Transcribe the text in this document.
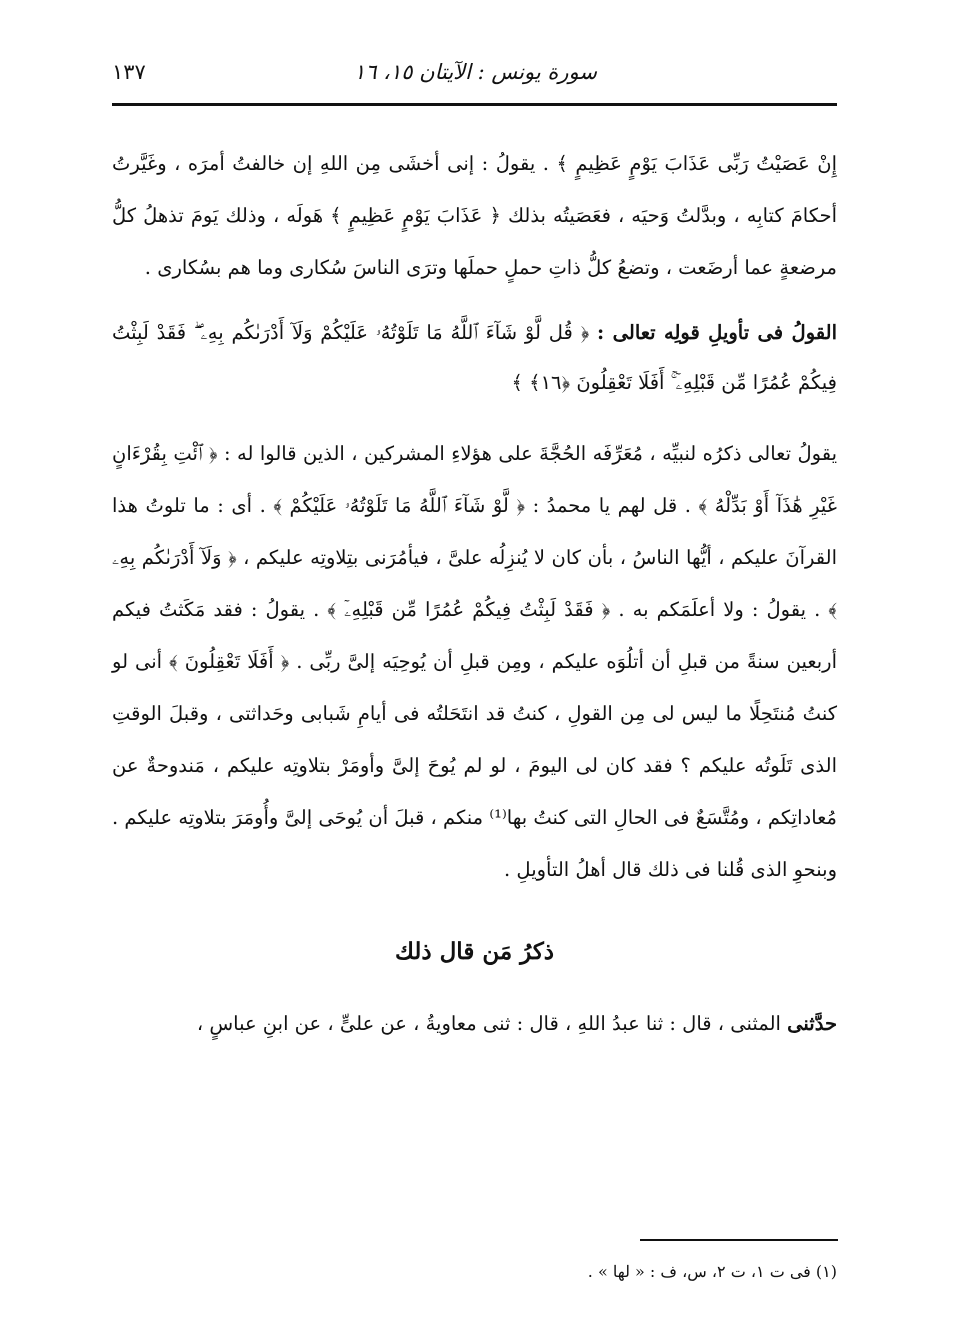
سورة يونس : الآيتان ١٥، ١٦
١٣٧

إِنْ عَصَيْتُ رَبِّى عَذَابَ يَوْمٍ عَظِيمٍ ﴾ . يقولُ : إنى أخشَى مِن اللهِ إن خالفتُ أمرَه ، وغَيَّرتُ أحكامَ كتابِه ، وبدَّلتُ وَحيَه ، فعَصَيتُه بذلك ﴿ عَذَابَ يَوْمٍ عَظِيمٍ ﴾ هَولَه ، وذلك يَومَ تذهلُ كلُّ مرضعةٍ عما أرضَعت ، وتضعُ كلُّ ذاتِ حملٍ حملَها وترَى الناسَ سُكارى وما هم بسُكارى .

القولُ فى تأويلِ قولِه تعالى : ﴿ قُل لَّوْ شَآءَ ٱللَّهُ مَا تَلَوْتُهُۥ عَلَيْكُمْ وَلَآ أَدْرَىٰكُم بِهِۦ ۖ فَقَدْ لَبِثْتُ فِيكُمْ عُمُرًا مِّن قَبْلِهِۦٓ ۚ أَفَلَا تَعْقِلُونَ ﴿١٦﴾ ﴾

يقولُ تعالى ذكرُه لنبيِّه ، مُعَرِّفَه الحُجَّةَ على هؤلاءِ المشركين ، الذين قالوا له : ﴿ ٱئْتِ بِقُرْءَانٍ غَيْرِ هَٰذَآ أَوْ بَدِّلْهُ ﴾ . قل لهم يا محمدُ : ﴿ لَّوْ شَآءَ ٱللَّهُ مَا تَلَوْتُهُۥ عَلَيْكُمْ ﴾ . أى : ما تلوتُ هذا القرآنَ عليكم ، أيُّها الناسُ ، بأن كان لا يُنزِلُه علىَّ ، فيأمُرَنى بتِلاوتِه عليكم ، ﴿ وَلَآ أَدْرَىٰكُم بِهِۦ ﴾ . يقولُ : ولا أعلَمَكم به . ﴿ فَقَدْ لَبِثْتُ فِيكُمْ عُمُرًا مِّن قَبْلِهِۦٓ ﴾ . يقولُ : فقد مَكَثتُ فيكم أربعين سنةً من قبلِ أن أتلُوَه عليكم ، ومِن قبلِ أن يُوحِيَه إلىَّ ربِّى . ﴿ أَفَلَا تَعْقِلُونَ ﴾ أنى لو كنتُ مُنتَحِلًا ما ليس لى مِن القولِ ، كنتُ قد انتَحَلتُه فى أيامِ شَبابى وحَداثتى ، وقبلَ الوقتِ الذى تَلَوتُه عليكم ؟ فقد كان لى اليومَ ، لو لم يُوحَ إلىَّ وأومَرْ بتلاوتِه عليكم ، مَندوحةٌ عن مُعاداتِكم ، ومُتَّسَعٌ فى الحالِ التى كنتُ بها⁽¹⁾ منكم ، قبلَ أن يُوحَى إلىَّ وأُومَرَ بتلاوتِه عليكم . وبنحوِ الذى قُلنا فى ذلك قال أهلُ التأويلِ .

ذكرُ مَن قال ذلك

حدَّثنى المثنى ، قال : ثنا عبدُ اللهِ ، قال : ثنى معاويةُ ، عن علىٍّ ، عن ابنِ عباسٍ ،

(١) فى ت ١، ت ٢، س، ف : « لها » .
